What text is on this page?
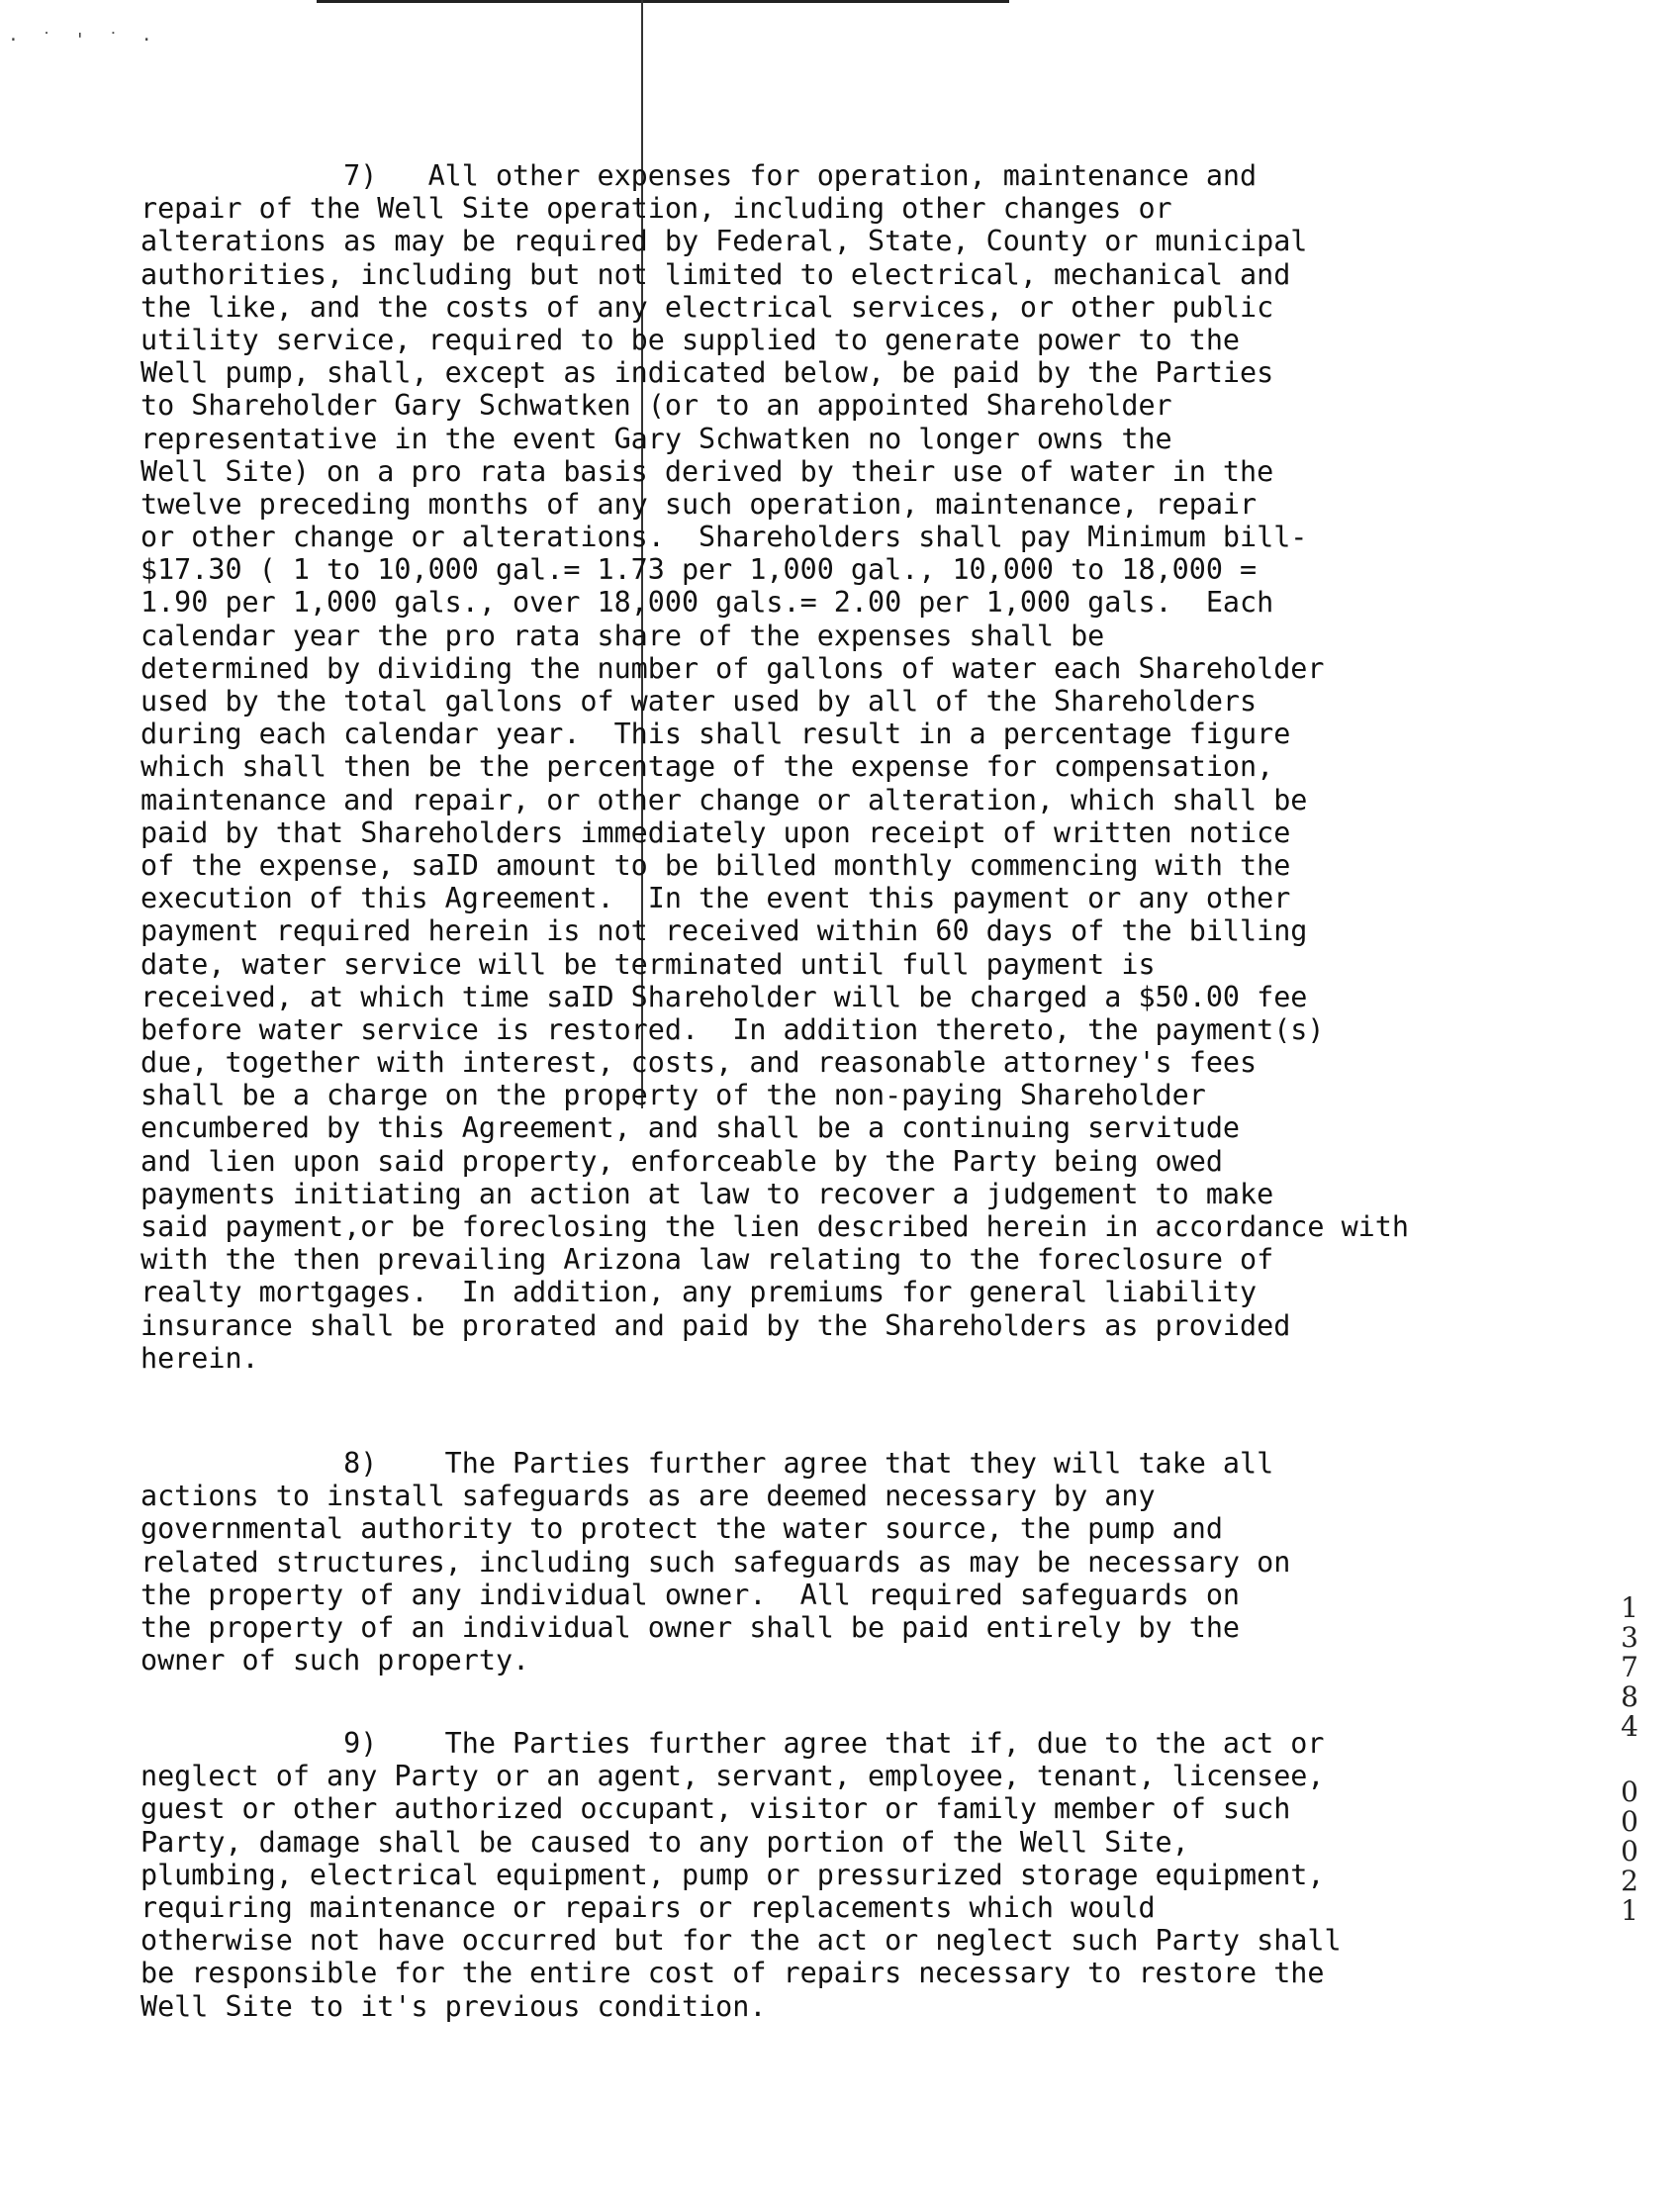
· ˙ ' ˙ ·
7)   All other expenses for operation, maintenance and
repair of the Well Site operation, including other changes or
alterations as may be required by Federal, State, County or municipal
authorities, including but not limited to electrical, mechanical and
the like, and the costs of any electrical services, or other public
utility service, required to be supplied to generate power to the
Well pump, shall, except as indicated below, be paid by the Parties
to Shareholder Gary Schwatken (or to an appointed Shareholder
representative in the event Gary Schwatken no longer owns the
Well Site) on a pro rata basis derived by their use of water in the
twelve preceding months of any such operation, maintenance, repair
or other change or alterations.  Shareholders shall pay Minimum bill-
$17.30 ( 1 to 10,000 gal.= 1.73 per 1,000 gal., 10,000 to 18,000 =
1.90 per 1,000 gals., over 18,000 gals.= 2.00 per 1,000 gals.  Each
calendar year the pro rata share of the expenses shall be
determined by dividing the number of gallons of water each Shareholder
used by the total gallons of water used by all of the Shareholders
during each calendar year.  This shall result in a percentage figure
which shall then be the percentage of the expense for compensation,
maintenance and repair, or other change or alteration, which shall be
paid by that Shareholders immediately upon receipt of written notice
of the expense, saID amount to be billed monthly commencing with the
execution of this Agreement.  In the event this payment or any other
payment required herein is not received within 60 days of the billing
date, water service will be terminated until full payment is
received, at which time saID Shareholder will be charged a $50.00 fee
before water service is restored.  In addition thereto, the payment(s)
due, together with interest, costs, and reasonable attorney's fees
shall be a charge on the property of the non-paying Shareholder
encumbered by this Agreement, and shall be a continuing servitude
and lien upon said property, enforceable by the Party being owed
payments initiating an action at law to recover a judgement to make
said payment,or be foreclosing the lien described herein in accordance with
with the then prevailing Arizona law relating to the foreclosure of
realty mortgages.  In addition, any premiums for general liability
insurance shall be prorated and paid by the Shareholders as provided
herein.
8)    The Parties further agree that they will take all
actions to install safeguards as are deemed necessary by any
governmental authority to protect the water source, the pump and
related structures, including such safeguards as may be necessary on
the property of any individual owner.  All required safeguards on
the property of an individual owner shall be paid entirely by the
owner of such property.
9)    The Parties further agree that if, due to the act or
neglect of any Party or an agent, servant, employee, tenant, licensee,
guest or other authorized occupant, visitor or family member of such
Party, damage shall be caused to any portion of the Well Site,
plumbing, electrical equipment, pump or pressurized storage equipment,
requiring maintenance or repairs or replacements which would
otherwise not have occurred but for the act or neglect such Party shall
be responsible for the entire cost of repairs necessary to restore the
Well Site to it's previous condition.
1
3
7
8
4
0
0
0
2
1
